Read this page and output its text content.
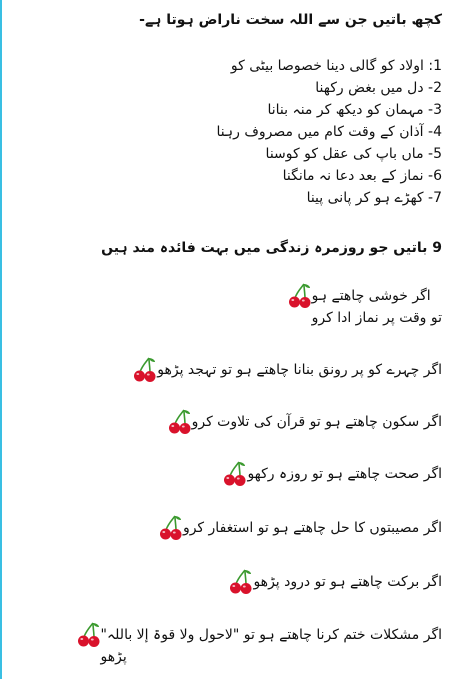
کچھ باتیں جن سے اللہ سخت ناراض ہوتا ہے-
1: اولاد کو گالی دینا خصوصا بیٹی کو
2- دل میں بغض رکھنا
3- مہمان کو دیکھ کر منہ بنانا
4- آذان کے وقت کام میں مصروف رہنا
5- ماں باپ کی عقل کو کوسنا
6- نماز کے بعد دعا نہ مانگنا
7- کھڑے ہو کر پانی پینا
9 باتیں جو روزمرہ زندگی میں بہت فائدہ مند ہیں
اگر خوشی چاھتے ہو
تو وقت پر نماز ادا کرو
اگر چہرے کو پر رونق بنانا چاھتے ہو تو تہجد پڑھو
اگر سکون چاھتے ہو تو قرآن کی تلاوت کرو
اگر صحت چاھتے ہو تو روزہ رکھو
اگر مصیبتوں کا حل چاھتے ہو تو استغفار کرو
اگر برکت چاھتے ہو تو درود پڑھو
اگر مشکلات ختم کرنا چاھتے ہو تو "لاحول ولا قوۃ إلا باللہ"
پڑھو
